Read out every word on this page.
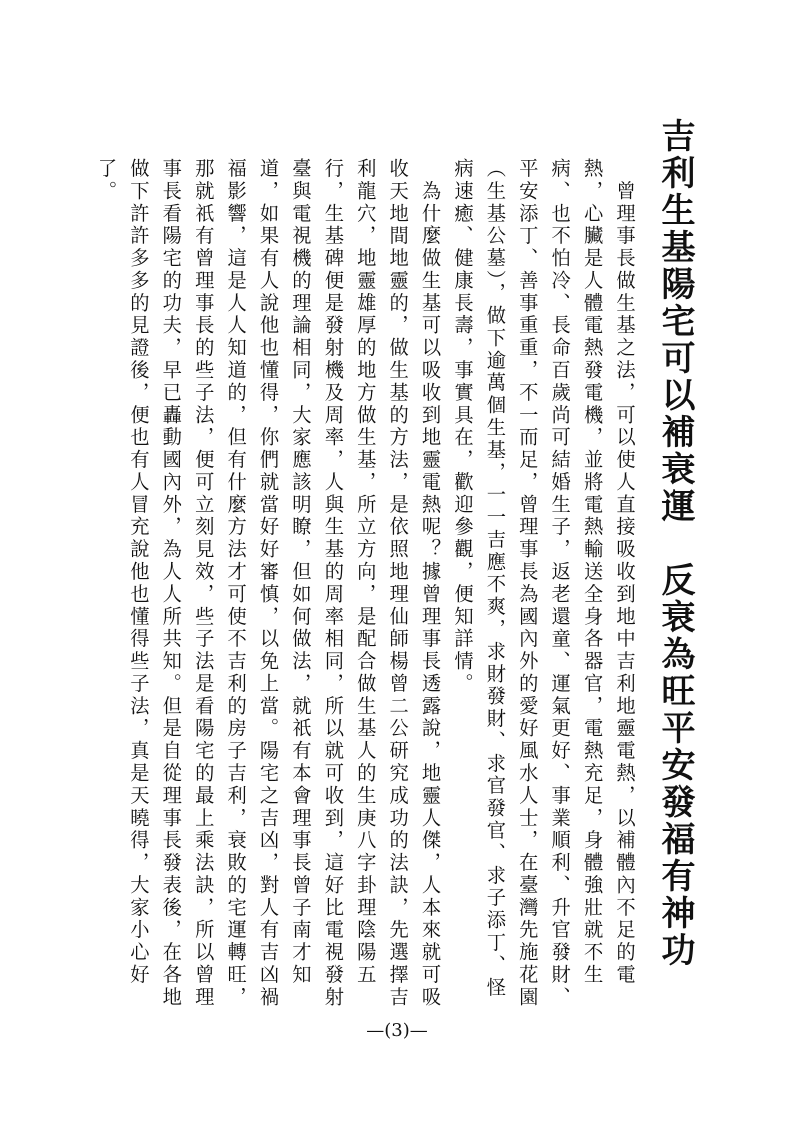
吉利生基陽宅可以補衰運　反衰為旺平安發福有神功

　曾理事長做生基之法，可以使人直接吸收到地中吉利地靈電熱，以補體內不足的電熱，心臟是人體電熱發電機，並將電熱輸送全身各器官，電熱充足，身體強壯就不生病、也不怕冷、長命百歲尚可結婚生子，返老還童、運氣更好、事業順利、升官發財、平安添丁、善事重重，不一而足，曾理事長為國內外的愛好風水人士，在臺灣先施花園（生基公墓），做下逾萬個生基，一一吉應不爽，求財發財、求官發官、求子添丁、怪病速癒、健康長壽，事實具在，歡迎參觀，便知詳情。

　為什麼做生基可以吸收到地靈電熱呢？據曾理事長透露說，地靈人傑，人本來就可吸收天地間地靈的，做生基的方法，是依照地理仙師楊曾二公研究成功的法訣，先選擇吉利龍穴，地靈雄厚的地方做生基，所立方向，是配合做生基人的生庚八字卦理陰陽五行，生基碑便是發射機及周率，人與生基的周率相同，所以就可收到，這好比電視發射臺與電視機的理論相同，大家應該明瞭，但如何做法，就祇有本會理事長曾子南才知道，如果有人說他也懂得，你們就當好好審慎，以免上當。陽宅之吉凶，對人有吉凶禍福影響，這是人人知道的，但有什麼方法才可使不吉利的房子吉利，衰敗的宅運轉旺，那就祇有曾理事長的些子法，便可立刻見效，些子法是看陽宅的最上乘法訣，所以曾理事長看陽宅的功夫，早已轟動國內外，為人人所共知。但是自從理事長發表後，在各地做下許許多多的見證後，便也有人冒充說他也懂得些子法，真是天曉得，大家小心好了。

—(3)—
